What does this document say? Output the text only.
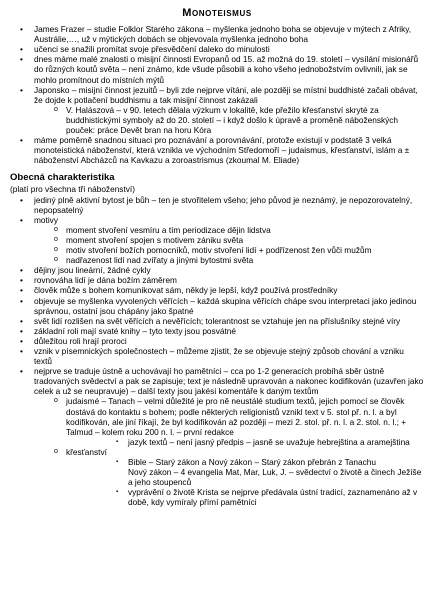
Monoteismus
• James Frazer – studie Folklor Starého zákona – myšlenka jednoho boha se objevuje v mýtech z Afriky, Austrálie,…, už v mýtických dobách se objevovala myšlenka jednoho boha
• učenci se snažili promítat svoje přesvědčení daleko do minulosti
• dnes máme malé znalosti o misijní činnosti Evropanů od 15. až možná do 19. století – vysílání misionářů do různých koutů světa – není známo, kde všude působili a koho všeho jednobožstvím ovlivnili, jak se mohlo promítnout do místních mýtů
• Japonsko – misijní činnost jezuitů – byli zde nejprve vítáni, ale později se místní buddhisté začali obávat, že dojde k potlačení buddhismu a tak misijní činnost zakázali
o V. Halászová – v 90. letech dělala výzkum v lokalitě, kde přežilo křesťanství skryté za buddhistickými symboly až do 20. století – i když došlo k úpravě a proměně náboženských pouček: práce Devět bran na horu Kóra
• máme poměrně snadnou situaci pro poznávání a porovnávání, protože existují v podstatě 3 velká monoteistická náboženství, která vznikla ve východním Středomoří – judaismus, křesťanství, islám a ± náboženství Abcházců na Kavkazu a zoroastrismus (zkoumal M. Eliade)
Obecná charakteristika
(platí pro všechna tři náboženství)
• jediný plně aktivní bytost je bůh – ten je stvořitelem všeho; jeho původ je neznámý, je nepozorovatelný, nepopsatelný
• motivy
o moment stvoření vesmíru a tím periodizace dějin lidstva
o moment stvoření spojen s motivem zániku světa
o motiv stvoření božích pomocníků, motiv stvoření lidí + podřízenost žen vůči mužům
o nadřazenost lidí nad zvířaty a jinými bytostmi světa
• dějiny jsou lineární, žádné cykly
• rovnováha lidí je dána božím záměrem
• člověk může s bohem komunikovat sám, někdy je lepší, když používá prostředníky
• objevuje se myšlenka vyvolených věřících – každá skupina věřících chápe svou interpretaci jako jedinou správnou, ostatní jsou chápány jako špatné
• svět lidí rozlišen na svět věřících a nevěřících; tolerantnost se vztahuje jen na příslušníky stejné víry
• základní roli mají svaté knihy – tyto texty jsou posvátné
• důležitou roli hrají proroci
• vznik v písemnických společnostech – můžeme zjistit, že se objevuje stejný způsob chování a vzniku textů
• nejprve se traduje ústně a uchovávají ho pamětníci – cca po 1-2 generacích probíhá sběr ústně tradovaných svědectví a pak se zapisuje; text je následně upravován a nakonec kodifikován (uzavřen jako celek a už se neupravuje) – další texty jsou jakési komentáře k daným textům
o judaismé – Tanach – velmi důležité je pro ně neustálé studium textů, jejich pomocí se člověk dostává do kontaktu s bohem; podle některých religionistů vznikl text v 5. stol př. n. l. a byl kodifikován, ale jiní říkají, že byl kodifikován až později – mezi 2. stol. př. n. l. a 2. stol. n. l.; + Talmud – kolem roku 200 n. l. – první redakce
▪ jazyk textů – není jasný předpis – jasně se uvažuje hebrejština a aramejština
o křesťanství
▪ Bible – Starý zákon a Nový zákon – Starý zákon přebrán z Tanachu
Nový zákon – 4 evangelia Mat, Mar, Luk, J. – svědectví o životě a činech Ježíše a jeho stoupenců
▪ vyprávění o životě Krista se nejprve předávala ústní tradicí, zaznamenáno až v době, kdy vymíraly přímí pamětníci
